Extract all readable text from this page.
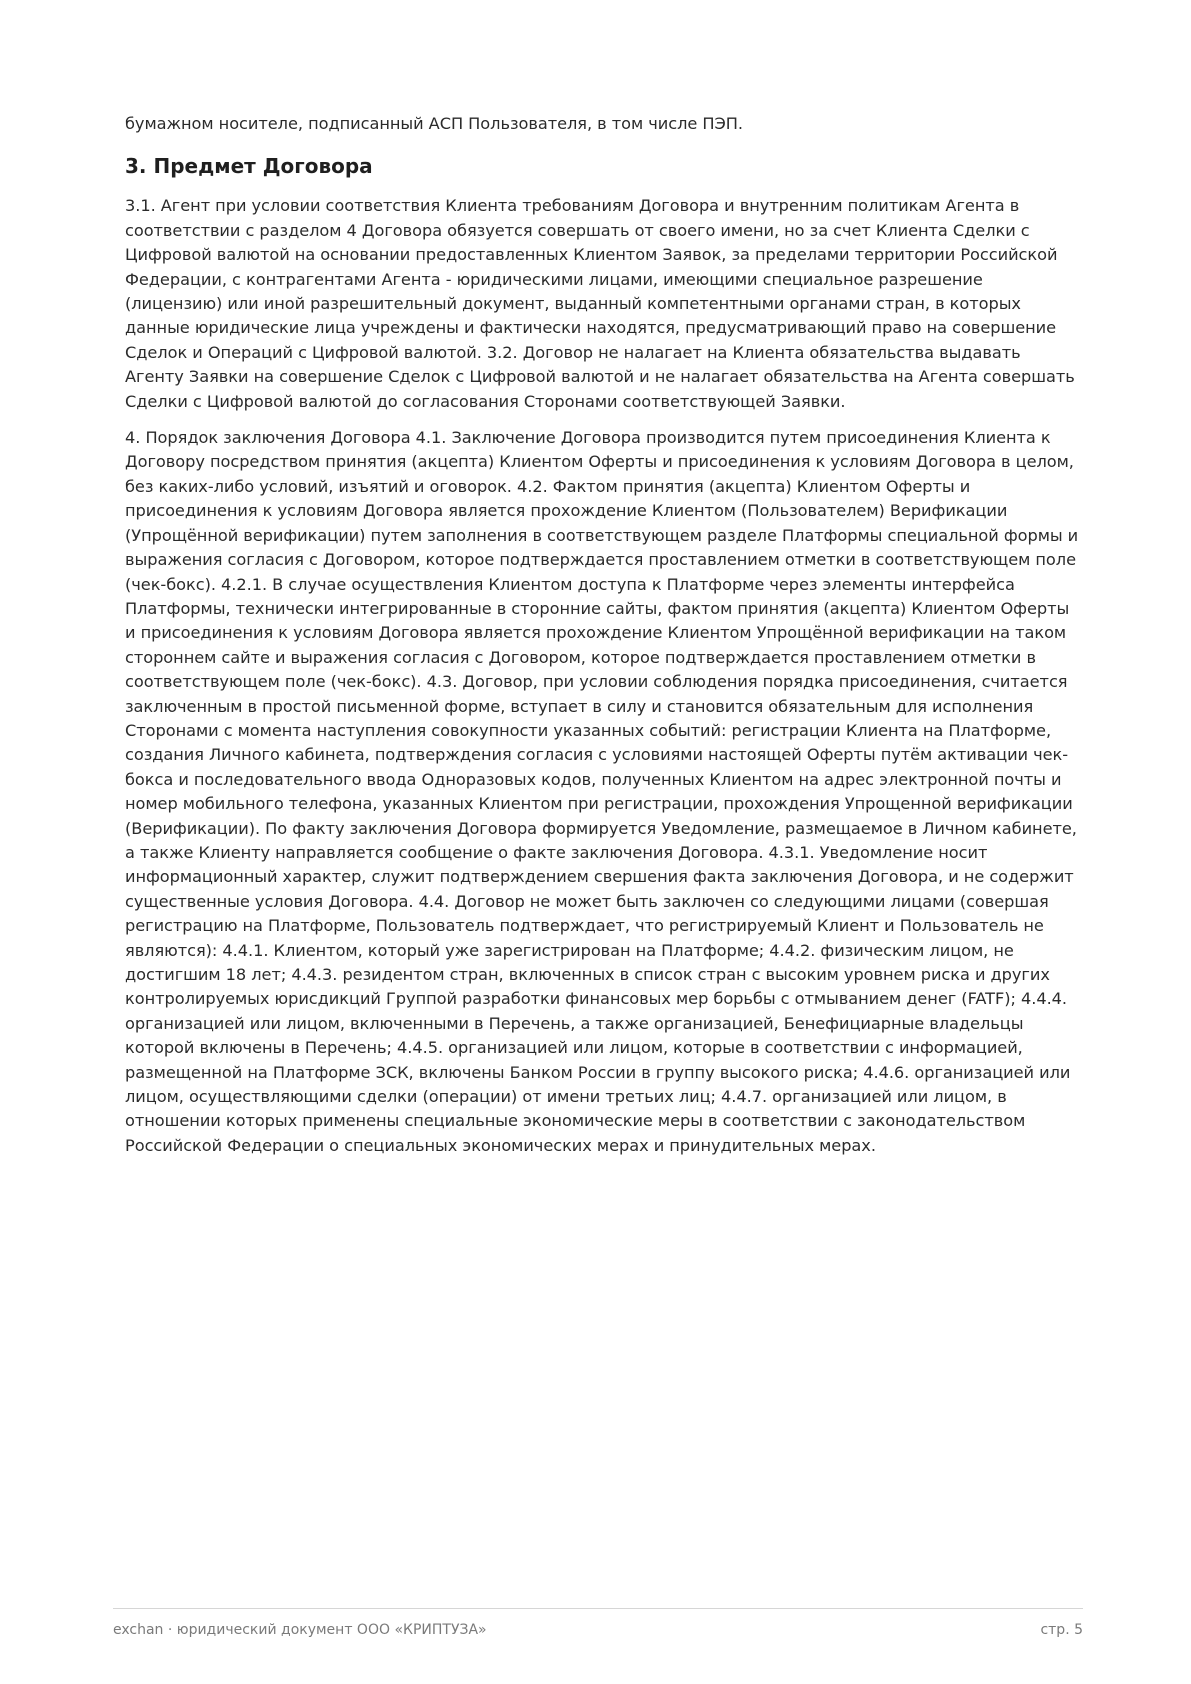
бумажном носителе, подписанный АСП Пользователя, в том числе ПЭП.

3. Предмет Договора

3.1. Агент при условии соответствия Клиента требованиям Договора и внутренним политикам Агента в соответствии с разделом 4 Договора обязуется совершать от своего имени, но за счет Клиента Сделки с Цифровой валютой на основании предоставленных Клиентом Заявок, за пределами территории Российской Федерации, с контрагентами Агента - юридическими лицами, имеющими специальное разрешение (лицензию) или иной разрешительный документ, выданный компетентными органами стран, в которых данные юридические лица учреждены и фактически находятся, предусматривающий право на совершение Сделок и Операций с Цифровой валютой. 3.2. Договор не налагает на Клиента обязательства выдавать Агенту Заявки на совершение Сделок с Цифровой валютой и не налагает обязательства на Агента совершать Сделки с Цифровой валютой до согласования Сторонами соответствующей Заявки.

4. Порядок заключения Договора 4.1. Заключение Договора производится путем присоединения Клиента к Договору посредством принятия (акцепта) Клиентом Оферты и присоединения к условиям Договора в целом, без каких-либо условий, изъятий и оговорок. 4.2. Фактом принятия (акцепта) Клиентом Оферты и присоединения к условиям Договора является прохождение Клиентом (Пользователем) Верификации (Упрощённой верификации) путем заполнения в соответствующем разделе Платформы специальной формы и выражения согласия с Договором, которое подтверждается проставлением отметки в соответствующем поле (чек-бокс). 4.2.1. В случае осуществления Клиентом доступа к Платформе через элементы интерфейса Платформы, технически интегрированные в сторонние сайты, фактом принятия (акцепта) Клиентом Оферты и присоединения к условиям Договора является прохождение Клиентом Упрощённой верификации на таком стороннем сайте и выражения согласия с Договором, которое подтверждается проставлением отметки в соответствующем поле (чек-бокс). 4.3. Договор, при условии соблюдения порядка присоединения, считается заключенным в простой письменной форме, вступает в силу и становится обязательным для исполнения Сторонами с момента наступления совокупности указанных событий: регистрации Клиента на Платформе, создания Личного кабинета, подтверждения согласия с условиями настоящей Оферты путём активации чек-бокса и последовательного ввода Одноразовых кодов, полученных Клиентом на адрес электронной почты и номер мобильного телефона, указанных Клиентом при регистрации, прохождения Упрощенной верификации (Верификации). По факту заключения Договора формируется Уведомление, размещаемое в Личном кабинете, а также Клиенту направляется сообщение о факте заключения Договора. 4.3.1. Уведомление носит информационный характер, служит подтверждением свершения факта заключения Договора, и не содержит существенные условия Договора. 4.4. Договор не может быть заключен со следующими лицами (совершая регистрацию на Платформе, Пользователь подтверждает, что регистрируемый Клиент и Пользователь не являются): 4.4.1. Клиентом, который уже зарегистрирован на Платформе; 4.4.2. физическим лицом, не достигшим 18 лет; 4.4.3. резидентом стран, включенных в список стран с высоким уровнем риска и других контролируемых юрисдикций Группой разработки финансовых мер борьбы с отмыванием денег (FATF); 4.4.4. организацией или лицом, включенными в Перечень, а также организацией, Бенефициарные владельцы которой включены в Перечень; 4.4.5. организацией или лицом, которые в соответствии с информацией, размещенной на Платформе ЗСК, включены Банком России в группу высокого риска; 4.4.6. организацией или лицом, осуществляющими сделки (операции) от имени третьих лиц; 4.4.7. организацией или лицом, в отношении которых применены специальные экономические меры в соответствии с законодательством Российской Федерации о специальных экономических мерах и принудительных мерах.

exchan · юридический документ ООО «КРИПТУЗА»	стр. 5
